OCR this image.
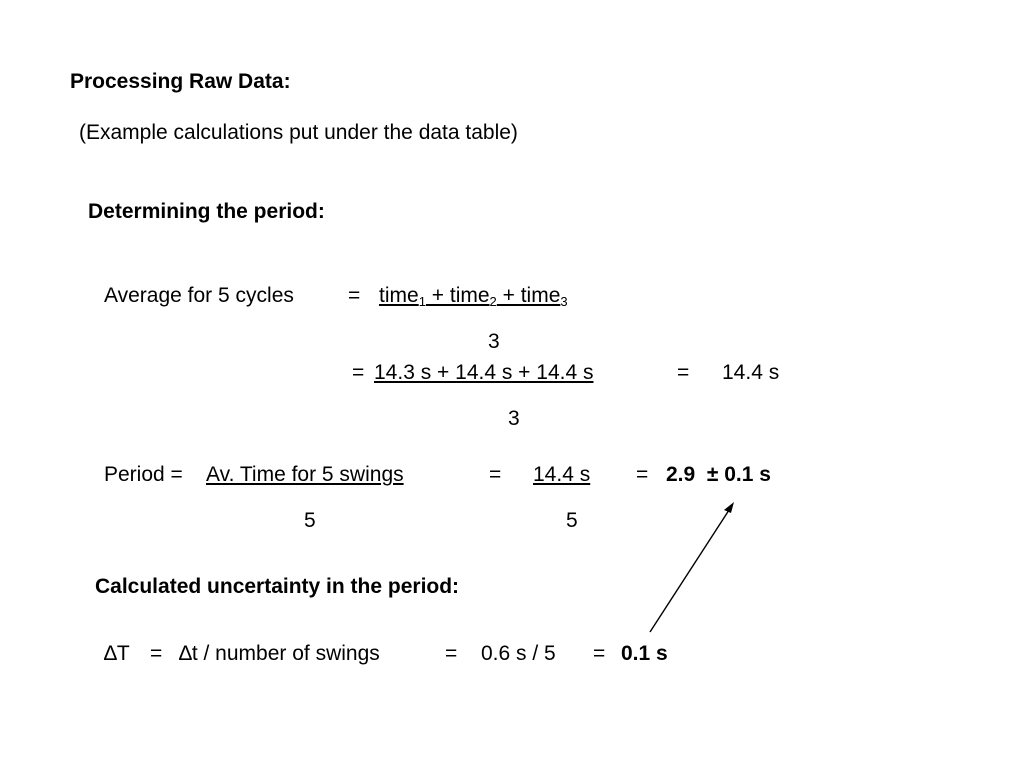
Processing Raw Data:
(Example calculations put under the data table)
Determining the period:
Average for 5 cycles	= time$_1$ + time$_2$ + time$_3$
3
= 14.3 s + 14.4 s + 14.4 s	= 14.4 s
3
Period = Av. Time for 5 swings	= 14.4 s = 2.9  ± 0.1 s
5	5
Calculated uncertainty in the period:
∆T = ∆t / number of swings	= 0.6 s / 5 = 0.1 s
